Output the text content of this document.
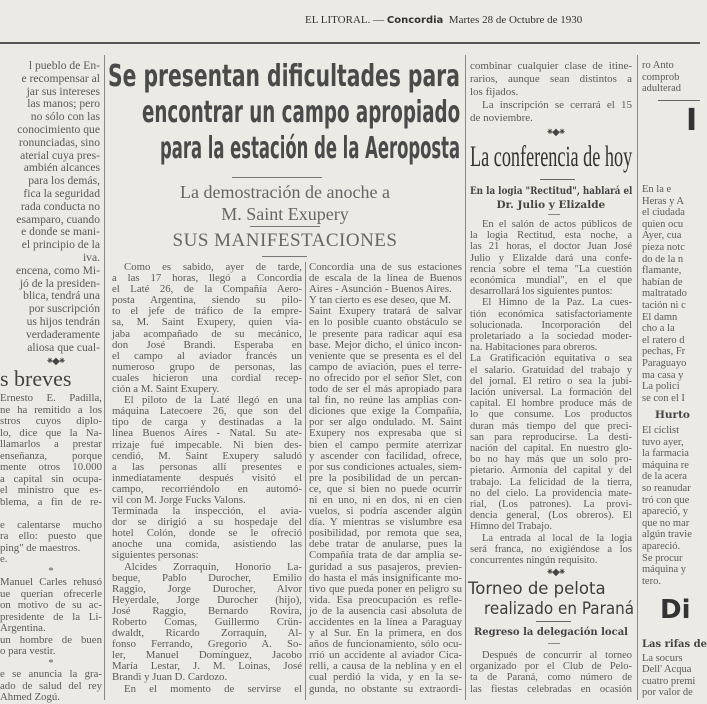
EL LITORAL. — Concordia Martes 28 de Octubre de 1930
l pueblo de En-
e recompensar al
jar sus intereses
las manos; pero
no sólo con las
conocimiento que
ronunciadas, sino
aterial cuya pres-
ambién alcances
para los demás,
fica la seguridad
rada conducta no
esamparo, cuando
e donde se mani-
el principio de la
iva.
encena, como Mi-
jó de la presiden-
blica, tendrá una
por suscripción
us hijos tendrán
verdaderamente
aliosa que cual-
⁕◆⁕
s breves
Ernesto E. Padilla,
ne ha remitido a los
stros cuyos diplo-
lo, dice que la Na-
llamarlos a prestar
enseñanza, porque
mente otros 10.000
a capital sin ocupa-
el ministro que es-
blema, a fin de re-
e calentarse mucho
ra ello: puesto que
ping" de maestros.
e.
*
Manuel Carles rehusó
ue querían ofrecerle
on motivo de su ac-
presidente de la Li-
Argentina.
un hombre de buen
o para vestir.
*
e se anuncia la gra-
ado de salud del rey
Ahmed Zogú.
Se presentan dificultades para
encontrar un campo apropiado
para la estación de la Aeroposta
La demostración de anoche a
M. Saint Exupery
SUS MANIFESTACIONES
Como es sabido, ayer de tarde,
a las 17 horas, llegó a Concordia
el Laté 26, de la Compañía Aero-
posta Argentina, siendo su pilo-
to el jefe de tráfico de la empre-
sa, M. Saint Exupery, quien via-
jaba acompañado de su mecánico,
don José Brandi. Esperaba en
el campo al aviador francés un
numeroso grupo de personas, las
cuales hicieron una cordial recep-
ción a M. Saint Exupery.
El piloto de la Laté llegó en una
máquina Latecoere 26, que son del
tipo de carga y destinadas a la
línea Buenos Aires - Natal. Su ate-
rrizaje fué impecable. Ni bien des-
cendió, M. Saint Exupery saludó
a las personas allí presentes e
inmediatamente después visitó el
campo, recorriéndolo en automó-
vil con M. Jorge Fucks Valons.
Terminada la inspección, el avia-
dor se dirigió a su hospedaje del
hotel Colón, donde se le ofreció
anoche una comida, asistiendo las
siguientes personas:
Alcides Zorraquín, Honorio La-
beque, Pablo Durocher, Emilio
Raggio, Jorge Durocher, Alvor
Heyerdale, Jorge Durocher (hijo),
José Raggio, Bernardo Rovira,
Roberto Comas, Guillermo Crün-
dwaldt, Ricardo Zorraquín, Al-
fonso Ferrando, Gregorio A. So-
ler, Manuel Domínguez, Jacobo
María Lestar, J. M. Loinas, José
Brandi y Juan D. Cardozo.
En el momento de servirse el
Concordia una de sus estaciones
de escala de la línea de Buenos
Aires - Asunción - Buenos Aires.
Y tan cierto es ese deseo, que M.
Saint Exupery tratará de salvar
en lo posible cuanto obstáculo se
le presente para radicar aquí esa
base. Mejor dicho, el único incon-
veniente que se presenta es el del
campo de aviación, pues el terre-
no ofrecido por el señor Slet, con
todo de ser el más apropiado para
tal fin, no reúne las amplias con-
diciones que exige la Compañía,
por ser algo ondulado. M. Saint
Exupery nos expresaba que si
bien el campo permite aterrizar
y ascender con facilidad, ofrece,
por sus condiciones actuales, siem-
pre la posibilidad de un percan-
ce, que si bien no puede ocurrir
ni en uno, ni en dos, ni en cien
vuelos, si podría ascender algún
día. Y mientras se vislumbre esa
posibilidad, por remota que sea,
debe tratar de anularse, pues la
Compañía trata de dar amplia se-
guridad a sus pasajeros, previen-
do hasta el más insignificante mo-
tivo que pueda poner en peligro su
vida. Esa preocupación es refle-
jo de la ausencia casi absoluta de
accidentes en la línea a Paraguay
y al Sur. En la primera, en dos
años de funcionamiento, sólo ocu-
rrió un accidente al aviador Cica-
relli, a causa de la neblina y en el
cual perdió la vida, y en la se-
gunda, no obstante su extraordi-
combinar cualquier clase de itine-
rarios, aunque sean distintos a
los fijados.
La inscripción se cerrará el 15
de noviembre.
⁕◆⁕
La conferencia de hoy
En la logia "Rectitud", hablará el
Dr. Julio y Elizalde
En el salón de actos públicos de
la logia Rectitud, esta noche, a
las 21 horas, el doctor Juan José
Julio y Elizalde dará una confe-
rencia sobre el tema "La cuestión
económica mundial", en el que
desarrollará los siguientes puntos:
El Himno de la Paz. La cues-
tión económica satisfactoriamente
solucionada. Incorporación del
proletariado a la sociedad moder-
na. Habitaciones para obreros.
La Gratificación equitativa o sea
el salario. Gratuidad del trabajo y
del jornal. El retiro o sea la jubi-
lación universal. La formación del
capital. El hombre produce más de
lo que consume. Los productos
duran más tiempo del que preci-
san para reproducirse. La desti-
nación del capital. En nuestro glo-
bo no hay más que un solo pro-
pietario. Armonía del capital y del
trabajo. La felicidad de la tierra,
no del cielo. La providencia mate-
rial, (Los patrones). La provi-
dencia general, (Los obreros). El
Himno del Trabajo.
La entrada al local de la logia
será franca, no exigiéndose a los
concurrentes ningún requisito.
⁕◆⁕
Torneo de pelota
realizado en Paraná
Regreso la delegación local
Después de concurrir al torneo
organizado por el Club de Pelo-
ta de Paraná, como número de
las fiestas celebradas en ocasión
ro Anto
comprob
adulterad
I
En la e
Heras y A
el ciudada
quien ocu
Ayer, cua
pieza notc
do de la n
flamante,
habían de
maltratado
tación ni c
El damn
cho a la
el ratero d
pechas, Fr
Paraguayo
ma casa y
La polici
se con el I
Hurto
El ciclist
tuvo ayer,
la farmacia
máquina re
de la acera
so reanudar
tró con que
apareció, y
que no mar
algún travie
apareció.
Se procur
máquina y
tero.
Di
Las rifas de
La socurs
Dell' Acqua
cuatro premi
por valor de
